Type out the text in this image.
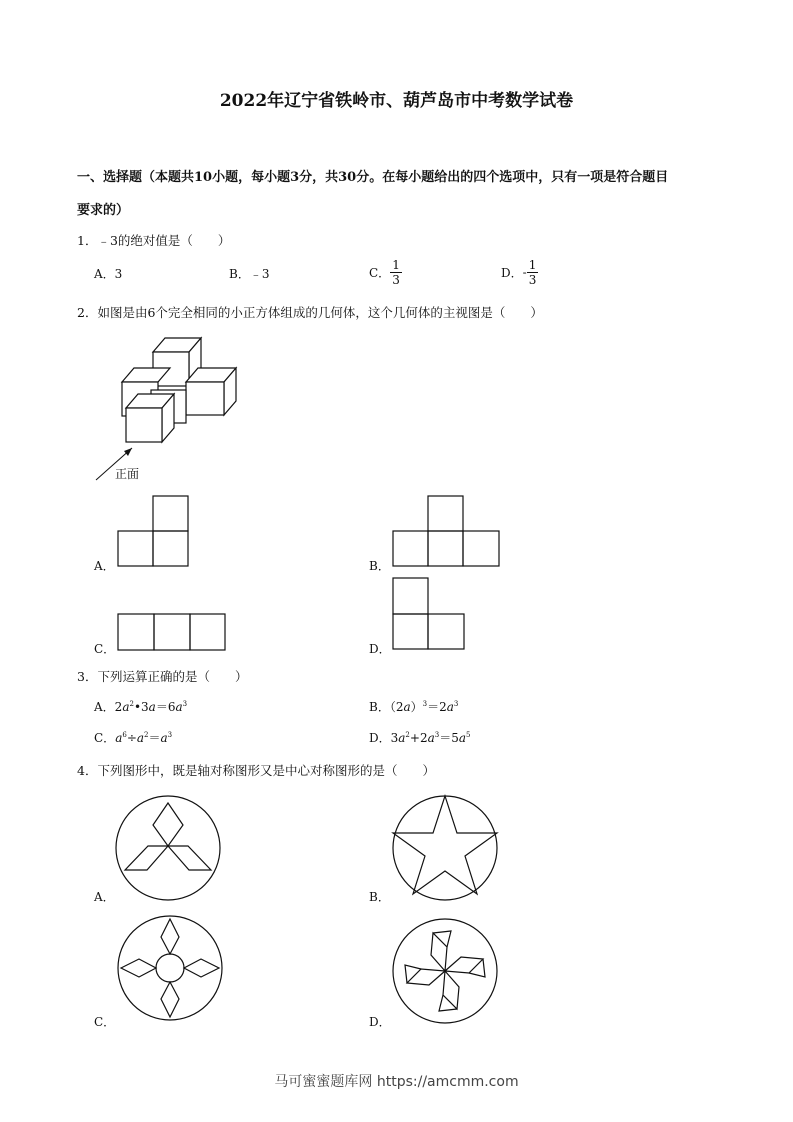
2022年辽宁省铁岭市、葫芦岛市中考数学试卷
一、选择题（本题共10小题，每小题3分，共30分。在每小题给出的四个选项中，只有一项是符合题目
要求的）
1．﹣3的绝对值是（　　）
A．3	B．﹣3	C． $\frac{1}{3}$	D．- $\frac{1}{3}$
2．如图是由6个完全相同的小正方体组成的几何体，这个几何体的主视图是（　　）
正面
A．	B．
C．	D．
3．下列运算正确的是（　　）
A．$2a^2•3a=6a^3$	B．$(2a)^3=2a^3$
C．$a^6\div a^2=a^3$	D．$3a^2+2a^3=5a^5$
4．下列图形中，既是轴对称图形又是中心对称图形的是（　　）
A．	B．
C．	D．
马可蜜蜜题库网 https://amcmm.com
